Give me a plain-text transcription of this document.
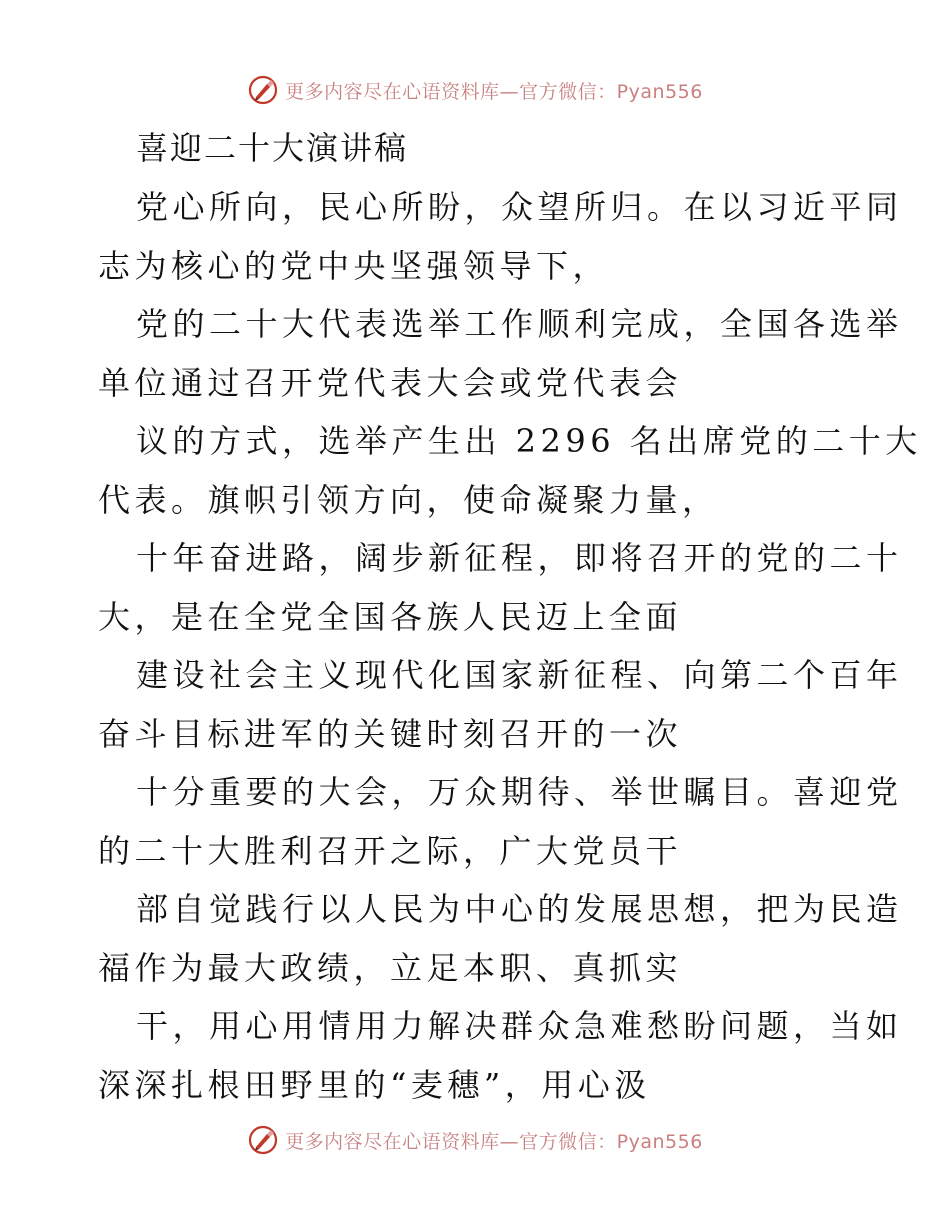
更多内容尽在心语资料库—官方微信：Pyan556
喜迎二十大演讲稿

党心所向，民心所盼，众望所归。在以习近平同
志为核心的党中央坚强领导下，

党的二十大代表选举工作顺利完成，全国各选举
单位通过召开党代表大会或党代表会

议的方式，选举产生出 2296 名出席党的二十大
代表。旗帜引领方向，使命凝聚力量，

十年奋进路，阔步新征程，即将召开的党的二十
大，是在全党全国各族人民迈上全面

建设社会主义现代化国家新征程、向第二个百年
奋斗目标进军的关键时刻召开的一次

十分重要的大会，万众期待、举世瞩目。喜迎党
的二十大胜利召开之际，广大党员干

部自觉践行以人民为中心的发展思想，把为民造
福作为最大政绩，立足本职、真抓实

干，用心用情用力解决群众急难愁盼问题，当如
深深扎根田野里的“麦穗”，用心汲

更多内容尽在心语资料库—官方微信：Pyan556
